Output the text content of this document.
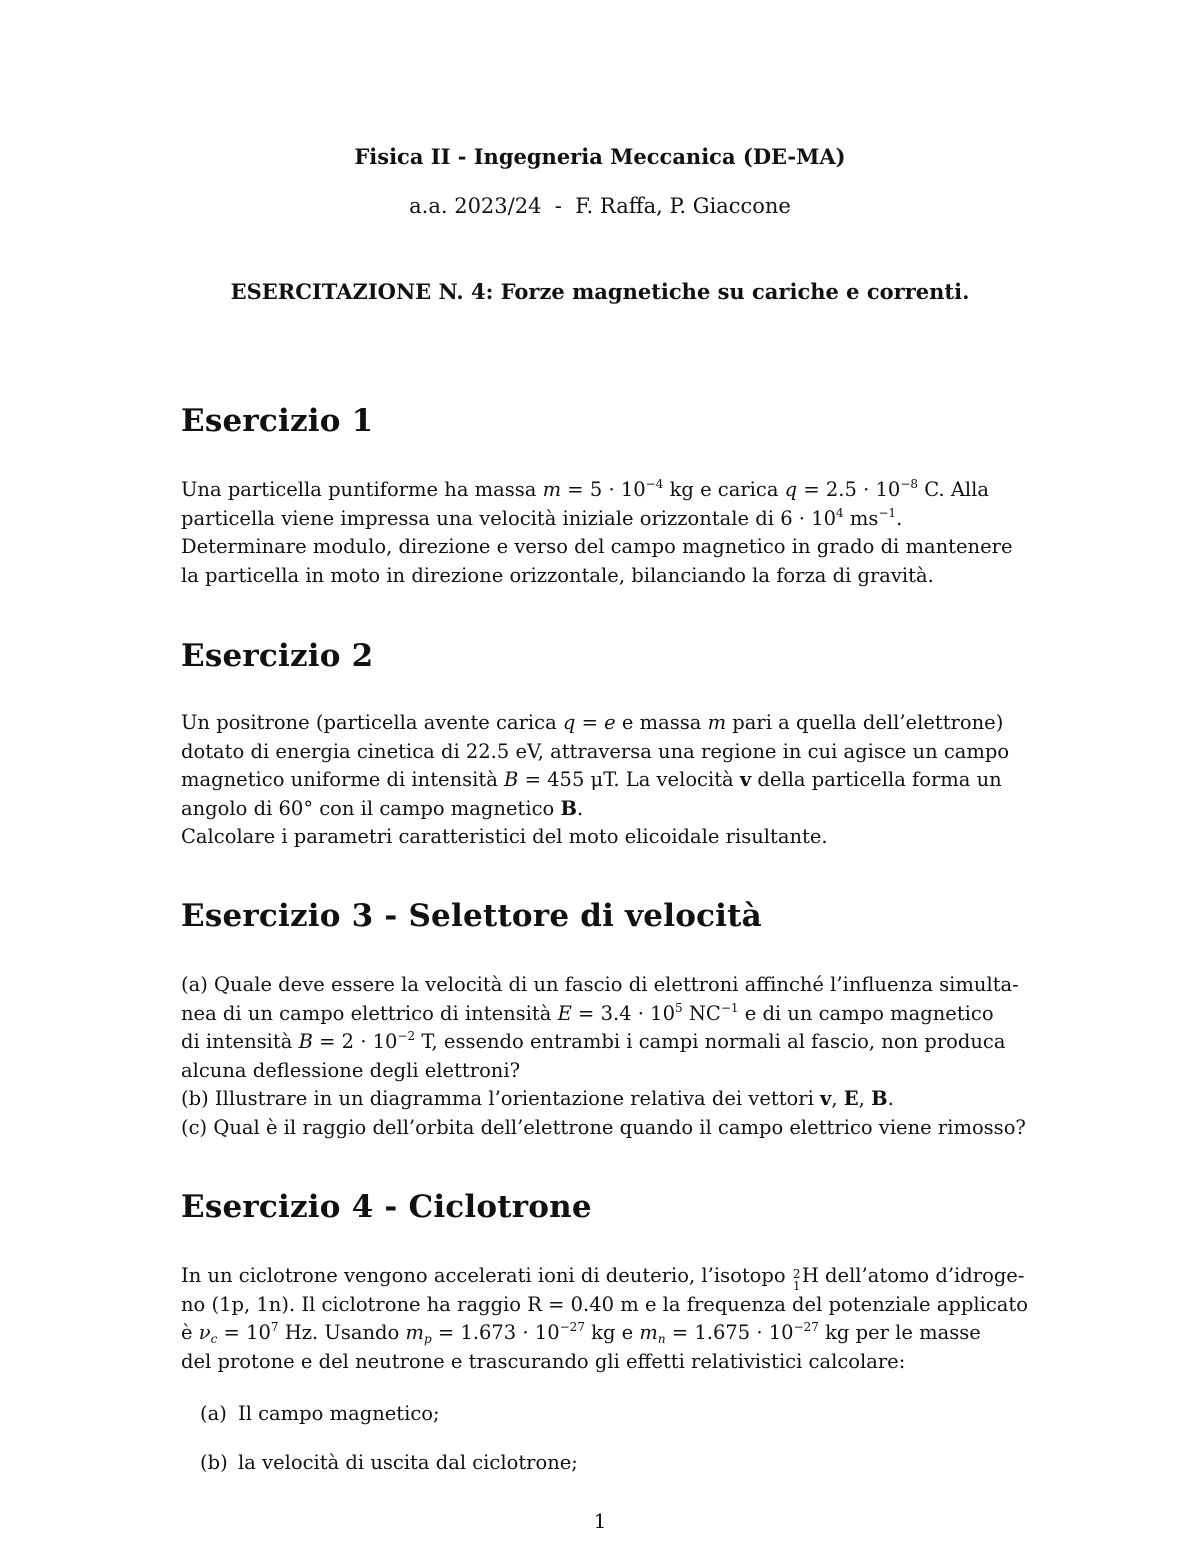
Fisica II - Ingegneria Meccanica (DE-MA)
a.a. 2023/24  -  F. Raffa, P. Giaccone
ESERCITAZIONE N. 4: Forze magnetiche su cariche e correnti.
Esercizio 1
Una particella puntiforme ha massa $m = 5 \cdot 10^{-4}$ kg e carica $q = 2.5 \cdot 10^{-8}$ C. Alla
particella viene impressa una velocità iniziale orizzontale di $6 \cdot 10^4$ $ms^{-1}$.
Determinare modulo, direzione e verso del campo magnetico in grado di mantenere
la particella in moto in direzione orizzontale, bilanciando la forza di gravità.
Esercizio 2
Un positrone (particella avente carica q = e e massa m pari a quella dell’elettrone)
dotato di energia cinetica di 22.5 eV, attraversa una regione in cui agisce un campo
magnetico uniforme di intensità B = 455 μT. La velocità v della particella forma un
angolo di 60° con il campo magnetico B.
Calcolare i parametri caratteristici del moto elicoidale risultante.
Esercizio 3 - Selettore di velocità
(a) Quale deve essere la velocità di un fascio di elettroni affinché l’influenza simulta-
nea di un campo elettrico di intensità $E = 3.4 \cdot 10^5$ $NC^{-1}$ e di un campo magnetico
di intensità $B = 2 \cdot 10^{-2}$ T, essendo entrambi i campi normali al fascio, non produca
alcuna deflessione degli elettroni?
(b) Illustrare in un diagramma l’orientazione relativa dei vettori v, E, B.
(c) Qual è il raggio dell’orbita dell’elettrone quando il campo elettrico viene rimosso?
Esercizio 4 - Ciclotrone
In un ciclotrone vengono accelerati ioni di deuterio, l’isotopo 2
1 H dell’atomo d’idroge-
no (1p, 1n). Il ciclotrone ha raggio R = 0.40 m e la frequenza del potenziale applicato
è $\nu_c = 10^7$ Hz. Usando $m_p = 1.673 \cdot 10^{-27}$ kg e $m_n = 1.675 \cdot 10^{-27}$ kg per le masse
del protone e del neutrone e trascurando gli effetti relativistici calcolare:
(a) Il campo magnetico;
(b) la velocità di uscita dal ciclotrone;
1
